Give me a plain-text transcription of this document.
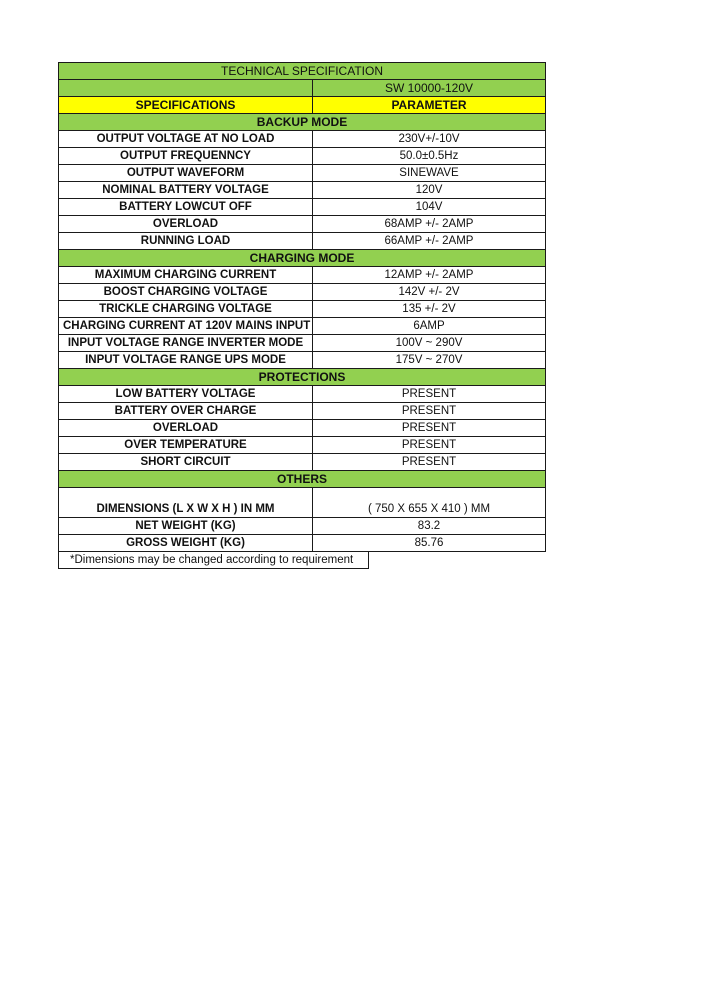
TECHNICAL SPECIFICATION	
	SW 10000-120V
SPECIFICATIONS	PARAMETER
BACKUP MODE	
OUTPUT VOLTAGE AT NO LOAD	230V+/-10V
OUTPUT FREQUENNCY	50.0±0.5Hz
OUTPUT WAVEFORM	SINEWAVE
NOMINAL BATTERY VOLTAGE	120V
BATTERY LOWCUT OFF	104V
OVERLOAD	68AMP +/- 2AMP
RUNNING LOAD	66AMP +/- 2AMP
CHARGING MODE	
MAXIMUM CHARGING CURRENT	12AMP +/- 2AMP
BOOST CHARGING VOLTAGE	142V +/- 2V
TRICKLE CHARGING VOLTAGE	135 +/- 2V
CHARGING CURRENT AT 120V MAINS INPUT	6AMP
INPUT VOLTAGE RANGE INVERTER MODE	100V ~ 290V
INPUT VOLTAGE RANGE UPS MODE	175V ~ 270V
PROTECTIONS	
LOW BATTERY VOLTAGE	PRESENT
BATTERY OVER CHARGE	PRESENT
OVERLOAD	PRESENT
OVER TEMPERATURE	PRESENT
SHORT CIRCUIT	PRESENT
OTHERS	
DIMENSIONS (L X W X H ) IN MM	( 750 X 655 X 410 ) MM
NET WEIGHT (KG)	83.2
GROSS WEIGHT (KG)	85.76
*Dimensions may be changed according to requirement
